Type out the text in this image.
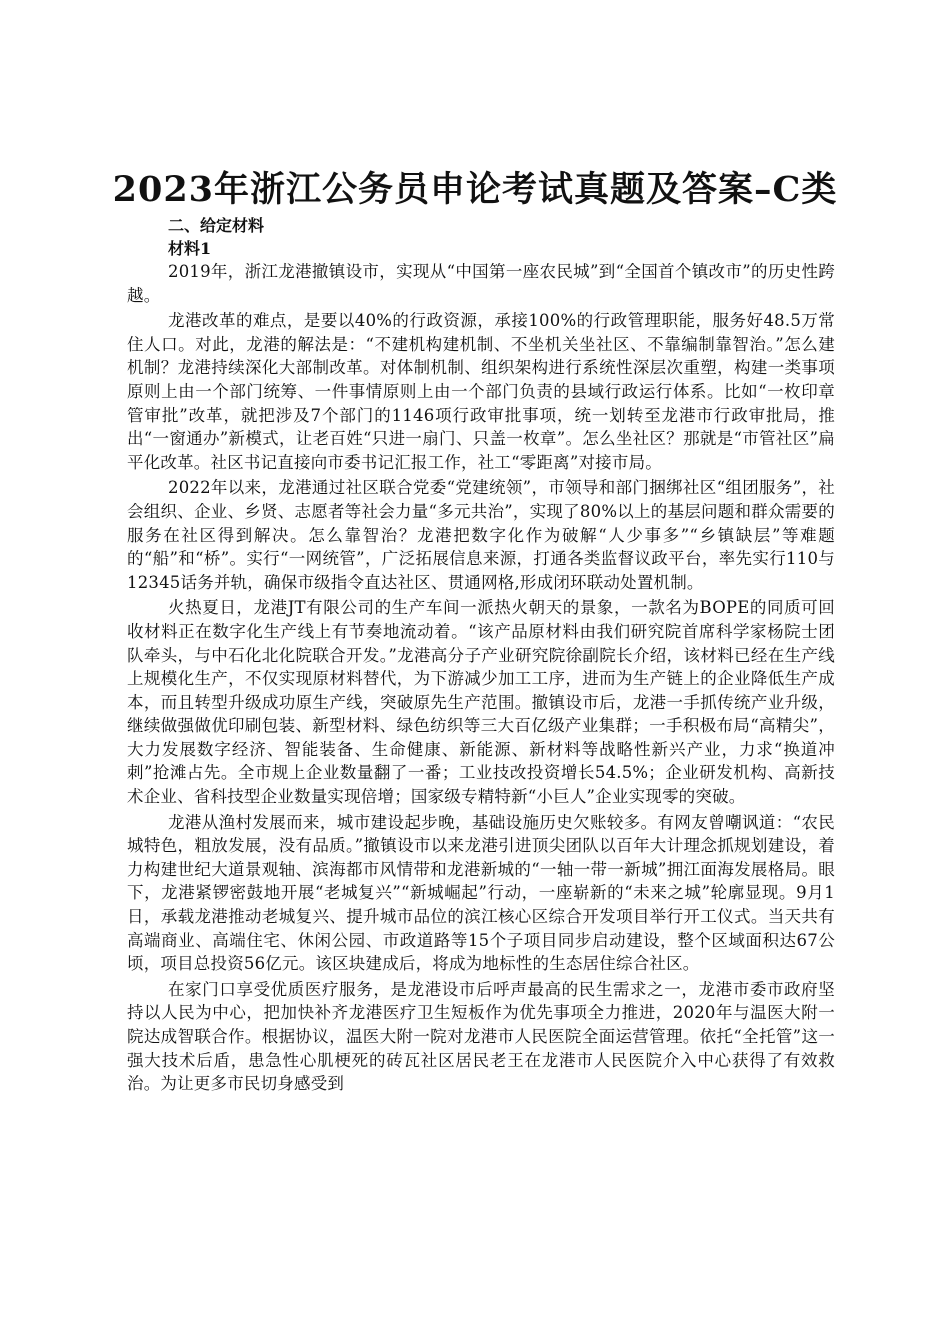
2023年浙江公务员申论考试真题及答案–C类
二、给定材料
材料1

2019年，浙江龙港撤镇设市，实现从“中国第一座农民城”到“全国首个镇改市”的历史性跨越。

龙港改革的难点，是要以40%的行政资源，承接100%的行政管理职能，服务好48.5万常住人口。对此，龙港的解法是：“不建机构建机制、不坐机关坐社区、不靠编制靠智治。”怎么建机制？龙港持续深化大部制改革。对体制机制、组织架构进行系统性深层次重塑，构建一类事项原则上由一个部门统筹、一件事情原则上由一个部门负责的县域行政运行体系。比如“一枚印章管审批”改革，就把涉及7个部门的1146项行政审批事项，统一划转至龙港市行政审批局，推出“一窗通办”新模式，让老百姓“只进一扇门、只盖一枚章”。怎么坐社区？那就是“市管社区”扁平化改革。社区书记直接向市委书记汇报工作，社工“零距离”对接市局。

2022年以来，龙港通过社区联合党委“党建统领”，市领导和部门捆绑社区“组团服务”，社会组织、企业、乡贤、志愿者等社会力量“多元共治”，实现了80%以上的基层问题和群众需要的服务在社区得到解决。怎么靠智治？龙港把数字化作为破解“人少事多”“乡镇缺层”等难题的“船”和“桥”。实行“一网统管”，广泛拓展信息来源，打通各类监督议政平台，率先实行110与12345话务并轨，确保市级指令直达社区、贯通网格,形成闭环联动处置机制。

火热夏日，龙港JT有限公司的生产车间一派热火朝天的景象，一款名为BOPE的同质可回收材料正在数字化生产线上有节奏地流动着。“该产品原材料由我们研究院首席科学家杨院士团队牵头，与中石化北化院联合开发。”龙港高分子产业研究院徐副院长介绍，该材料已经在生产线上规模化生产，不仅实现原材料替代，为下游减少加工工序，进而为生产链上的企业降低生产成本，而且转型升级成功原生产线，突破原先生产范围。撤镇设市后，龙港一手抓传统产业升级，继续做强做优印刷包装、新型材料、绿色纺织等三大百亿级产业集群；一手积极布局“高精尖”，大力发展数字经济、智能装备、生命健康、新能源、新材料等战略性新兴产业，力求“换道冲刺”抢滩占先。全市规上企业数量翻了一番；工业技改投资增长54.5%；企业研发机构、高新技术企业、省科技型企业数量实现倍增；国家级专精特新“小巨人”企业实现零的突破。

龙港从渔村发展而来，城市建设起步晚，基础设施历史欠账较多。有网友曾嘲讽道：“农民城特色，粗放发展，没有品质。”撤镇设市以来龙港引进顶尖团队以百年大计理念抓规划建设，着力构建世纪大道景观轴、滨海都市风情带和龙港新城的“一轴一带一新城”拥江面海发展格局。眼下，龙港紧锣密鼓地开展“老城复兴”“新城崛起”行动，一座崭新的“未来之城”轮廓显现。9月1日，承载龙港推动老城复兴、提升城市品位的滨江核心区综合开发项目举行开工仪式。当天共有高端商业、高端住宅、休闲公园、市政道路等15个子项目同步启动建设，整个区域面积达67公顷，项目总投资56亿元。该区块建成后，将成为地标性的生态居住综合社区。

在家门口享受优质医疗服务，是龙港设市后呼声最高的民生需求之一，龙港市委市政府坚持以人民为中心，把加快补齐龙港医疗卫生短板作为优先事项全力推进，2020年与温医大附一院达成智联合作。根据协议，温医大附一院对龙港市人民医院全面运营管理。依托“全托管”这一强大技术后盾，患急性心肌梗死的砖瓦社区居民老王在龙港市人民医院介入中心获得了有效救治。为让更多市民切身感受到
